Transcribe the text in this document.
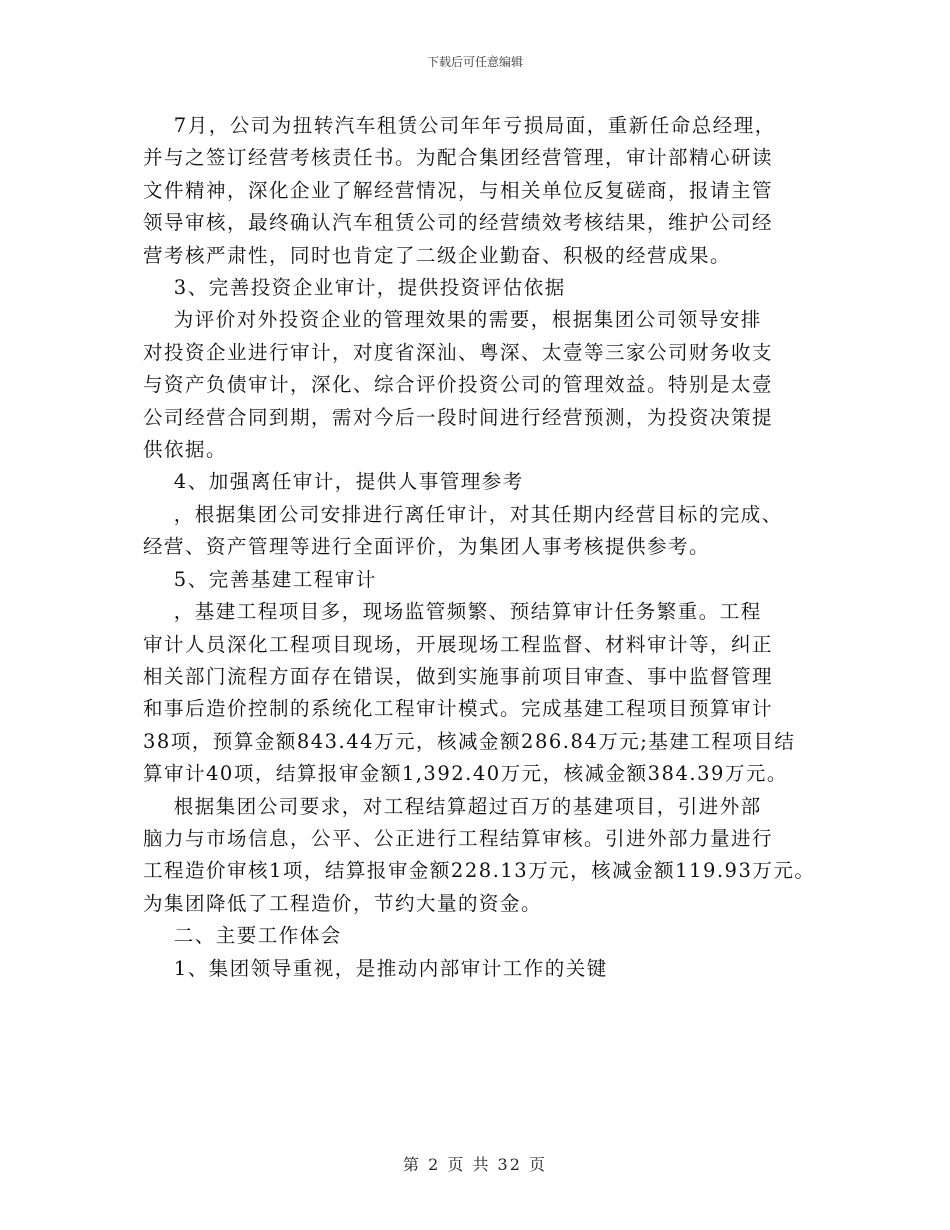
下载后可任意编辑

7月，公司为扭转汽车租赁公司年年亏损局面，重新任命总经理，

并与之签订经营考核责任书。为配合集团经营管理，审计部精心研读

文件精神，深化企业了解经营情况，与相关单位反复磋商，报请主管

领导审核，最终确认汽车租赁公司的经营绩效考核结果，维护公司经

营考核严肃性，同时也肯定了二级企业勤奋、积极的经营成果。

3、完善投资企业审计，提供投资评估依据

为评价对外投资企业的管理效果的需要，根据集团公司领导安排

对投资企业进行审计，对度省深汕、粤深、太壹等三家公司财务收支

与资产负债审计，深化、综合评价投资公司的管理效益。特别是太壹

公司经营合同到期，需对今后一段时间进行经营预测，为投资决策提

供依据。

4、加强离任审计，提供人事管理参考

，根据集团公司安排进行离任审计，对其任期内经营目标的完成、

经营、资产管理等进行全面评价，为集团人事考核提供参考。

5、完善基建工程审计

，基建工程项目多，现场监管频繁、预结算审计任务繁重。工程

审计人员深化工程项目现场，开展现场工程监督、材料审计等，纠正

相关部门流程方面存在错误，做到实施事前项目审查、事中监督管理

和事后造价控制的系统化工程审计模式。完成基建工程项目预算审计

38项，预算金额843.44万元，核减金额286.84万元;基建工程项目结

算审计40项，结算报审金额1,392.40万元，核减金额384.39万元。

根据集团公司要求，对工程结算超过百万的基建项目，引进外部

脑力与市场信息，公平、公正进行工程结算审核。引进外部力量进行

工程造价审核1项，结算报审金额228.13万元，核减金额119.93万元。

为集团降低了工程造价，节约大量的资金。

二、主要工作体会

1、集团领导重视，是推动内部审计工作的关键

第 2 页 共 32 页
